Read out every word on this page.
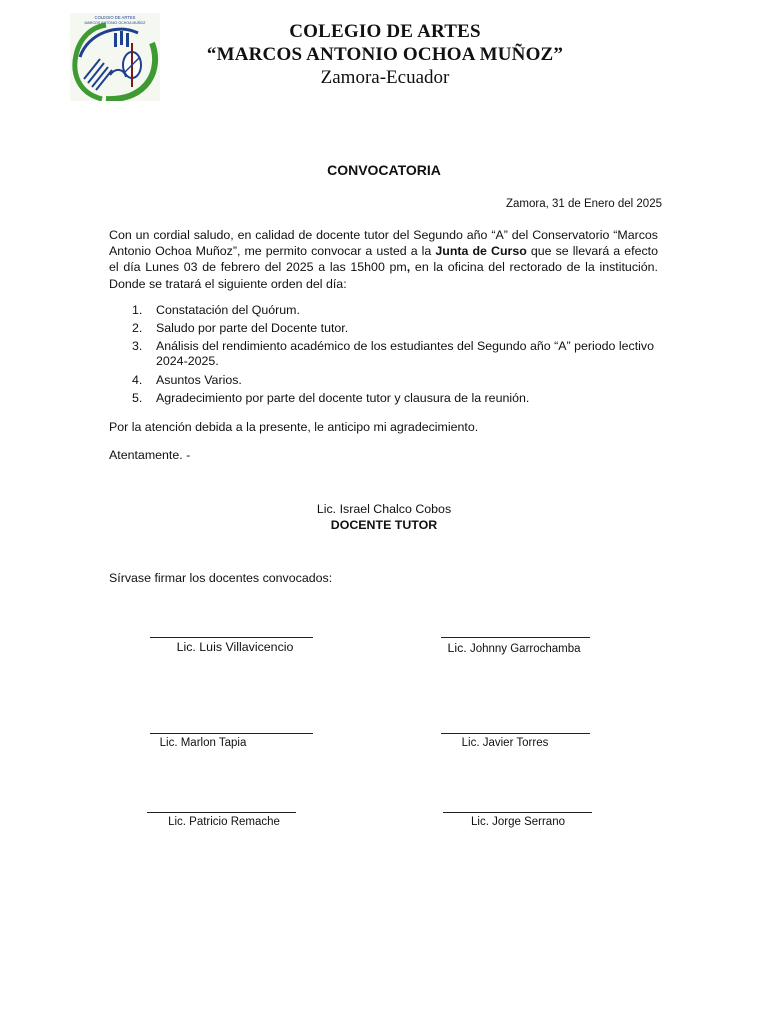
COLEGIO DE ARTES
MARCOS ANTONIO OCHOA MUÑOZ	COLEGIO DE ARTES
“MARCOS ANTONIO OCHOA MUÑOZ”
Zamora-Ecuador
CONVOCATORIA
Zamora, 31 de Enero del 2025
Con un cordial saludo, en calidad de docente tutor del Segundo año “A” del Conservatorio “Marcos Antonio Ochoa Muñoz”, me permito convocar a usted a la Junta de Curso que se llevará a efecto el día Lunes 03 de febrero del 2025 a las 15h00 pm, en la oficina del rectorado de la institución. Donde se tratará el siguiente orden del día:
1. Constatación del Quórum.
2. Saludo por parte del Docente tutor.
3. Análisis del rendimiento académico de los estudiantes del Segundo año “A” periodo lectivo 2024-2025.
4. Asuntos Varios.
5. Agradecimiento por parte del docente tutor y clausura de la reunión.
Por la atención debida a la presente, le anticipo mi agradecimiento.
Atentamente. -
Lic. Israel Chalco Cobos
DOCENTE TUTOR
Sírvase firmar los docentes convocados:
Lic. Luis Villavicencio	Lic. Johnny Garrochamba
Lic. Marlon Tapia	Lic. Javier Torres
Lic. Patricio Remache	Lic. Jorge Serrano
